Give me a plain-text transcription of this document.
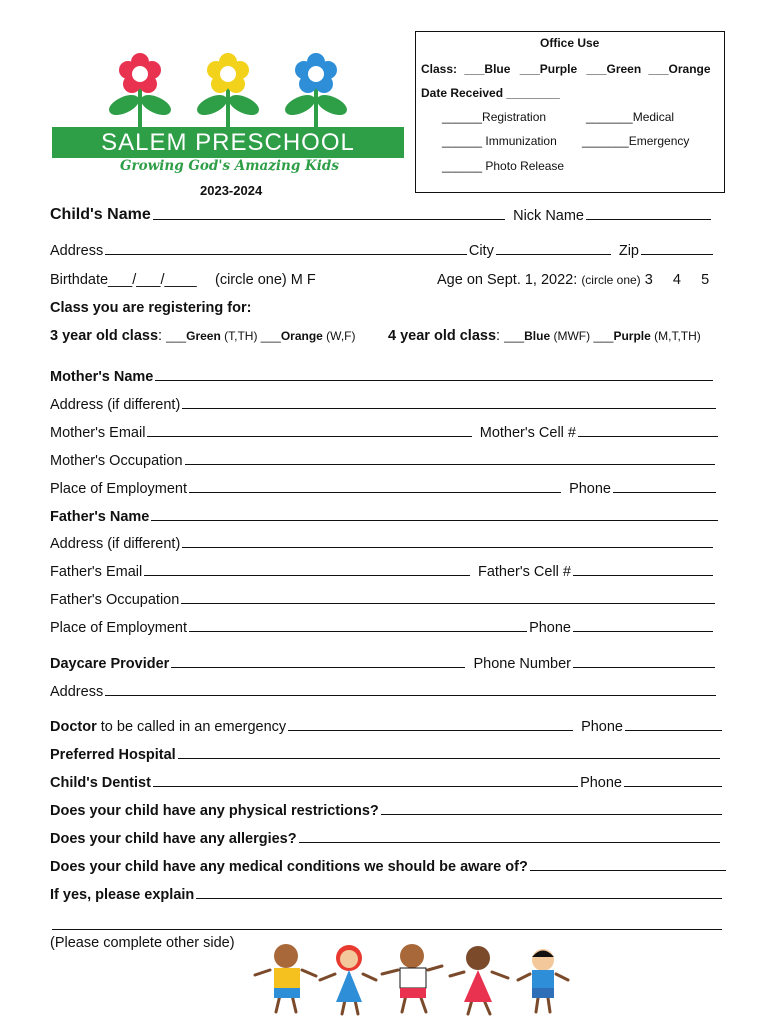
SALEM PRESCHOOL
Growing God's Amazing Kids
2023-2024
Office Use
Class: ___Blue ___Purple ___Green ___Orange
Date Received ________
______Registration	_______Medical
______ Immunization _______Emergency
______ Photo Release
Child's Name	Nick Name
Address	City	Zip
Birthdate___/___/____ (circle one) M F	Age on Sept. 1, 2022: (circle one) 3     4     5
Class you are registering for:
3 year old class: ___Green (T,TH) ___Orange (W,F) 4 year old class: ___Blue (MWF) ___Purple (M,T,TH)
Mother's Name
Address (if different)
Mother's Email	Mother's Cell #
Mother's Occupation
Place of Employment	Phone
Father's Name
Address (if different)
Father's Email	Father's Cell #
Father's Occupation
Place of Employment	Phone
Daycare Provider	Phone Number
Address
Doctor to be called in an emergency	Phone
Preferred Hospital
Child's Dentist	Phone
Does your child have any physical restrictions?
Does your child have any allergies?
Does your child have any medical conditions we should be aware of?
If yes, please explain
(Please complete other side)
